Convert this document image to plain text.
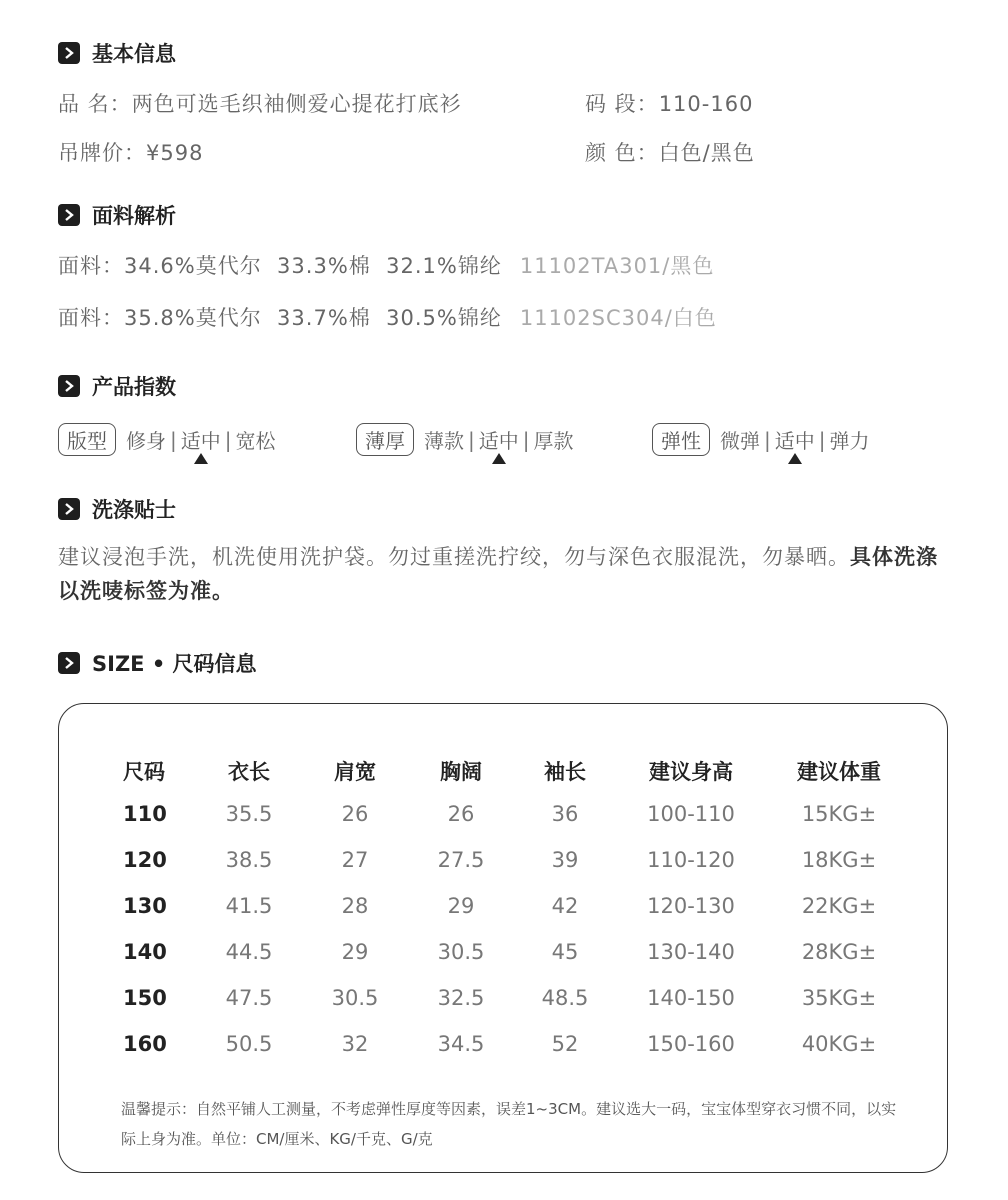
基本信息
品 名：两色可选毛织袖侧爱心提花打底衫	码 段：110-160
吊牌价：¥598	颜 色：白色/黑色
面料解析
面料：34.6%莫代尔  33.3%棉  32.1%锦纶 11102TA301/黑色
面料：35.8%莫代尔  33.7%棉  30.5%锦纶 11102SC304/白色
产品指数
版型 修身 | 适中 | 宽松	薄厚 薄款 | 适中 | 厚款	弹性 微弹 | 适中 | 弹力
洗涤贴士
建议浸泡手洗，机洗使用洗护袋。勿过重搓洗拧绞，勿与深色衣服混洗，勿暴晒。具体洗涤以洗唛标签为准。
SIZE • 尺码信息
尺码	衣长	肩宽	胸阔	袖长	建议身高	建议体重
110	35.5	26	26	36	100-110	15KG±
120	38.5	27	27.5	39	110-120	18KG±
130	41.5	28	29	42	120-130	22KG±
140	44.5	29	30.5	45	130-140	28KG±
150	47.5	30.5	32.5	48.5	140-150	35KG±
160	50.5	32	34.5	52	150-160	40KG±
温馨提示：自然平铺人工测量，不考虑弹性厚度等因素，误差1~3CM。建议选大一码，宝宝体型穿衣习惯不同，以实际上身为准。单位：CM/厘米、KG/千克、G/克
